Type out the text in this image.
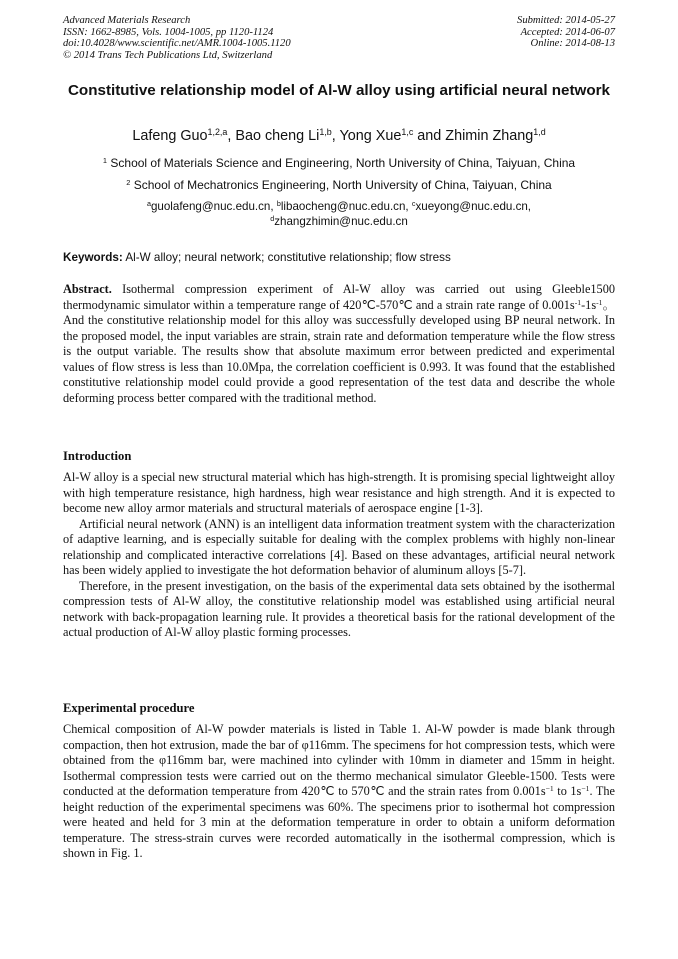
Advanced Materials Research
ISSN: 1662-8985, Vols. 1004-1005, pp 1120-1124
doi:10.4028/www.scientific.net/AMR.1004-1005.1120
© 2014 Trans Tech Publications Ltd, Switzerland
Submitted: 2014-05-27
Accepted: 2014-06-07
Online: 2014-08-13
Constitutive relationship model of Al-W alloy using artificial neural network
Lafeng Guo$^{1,2,a}$, Bao cheng Li$^{1,b}$, Yong Xue$^{1,c}$ and Zhimin Zhang$^{1,d}$
$^1$ School of Materials Science and Engineering, North University of China, Taiyuan, China
$^2$ School of Mechatronics Engineering, North University of China, Taiyuan, China
$^a$guolafeng@nuc.edu.cn, $^b$libaocheng@nuc.edu.cn, $^c$xueyong@nuc.edu.cn,
$^d$zhangzhimin@nuc.edu.cn
Keywords: Al-W alloy; neural network; constitutive relationship; flow stress

Abstract. Isothermal compression experiment of Al-W alloy was carried out using Gleeble1500 thermodynamic simulator within a temperature range of 420℃-570℃ and a strain rate range of $0.001s^{-1}-1s^{-1}$。And the constitutive relationship model for this alloy was successfully developed using BP neural network. In the proposed model, the input variables are strain, strain rate and deformation temperature while the flow stress is the output variable. The results show that absolute maximum error between predicted and experimental values of flow stress is less than 10.0Mpa, the correlation coefficient is 0.993. It was found that the established constitutive relationship model could provide a good representation of the test data and describe the whole deforming process better compared with the traditional method.

Introduction

Al-W alloy is a special new structural material which has high-strength. It is promising special lightweight alloy with high temperature resistance, high hardness, high wear resistance and high strength. And it is expected to become new alloy armor materials and structural materials of aerospace engine [1-3].

Artificial neural network (ANN) is an intelligent data information treatment system with the characterization of adaptive learning, and is especially suitable for dealing with the complex problems with highly non-linear relationship and complicated interactive correlations [4]. Based on these advantages, artificial neural network has been widely applied to investigate the hot deformation behavior of aluminum alloys [5-7].

Therefore, in the present investigation, on the basis of the experimental data sets obtained by the isothermal compression tests of Al-W alloy, the constitutive relationship model was established using artificial neural network with back-propagation learning rule. It provides a theoretical basis for the rational development of the actual production of Al-W alloy plastic forming processes.

Experimental procedure

Chemical composition of Al-W powder materials is listed in Table 1. Al-W powder is made blank through compaction, then hot extrusion, made the bar of φ116mm. The specimens for hot compression tests, which were obtained from the φ116mm bar, were machined into cylinder with 10mm in diameter and 15mm in height. Isothermal compression tests were carried out on the thermo mechanical simulator Gleeble-1500. Tests were conducted at the deformation temperature from 420℃ to 570℃ and the strain rates from $0.001s^{-1}$ to $1s^{-1}$. The height reduction of the experimental specimens was 60%. The specimens prior to isothermal hot compression were heated and held for 3 min at the deformation temperature in order to obtain a uniform deformation temperature. The stress-strain curves were recorded automatically in the isothermal compression, which is shown in Fig. 1.
